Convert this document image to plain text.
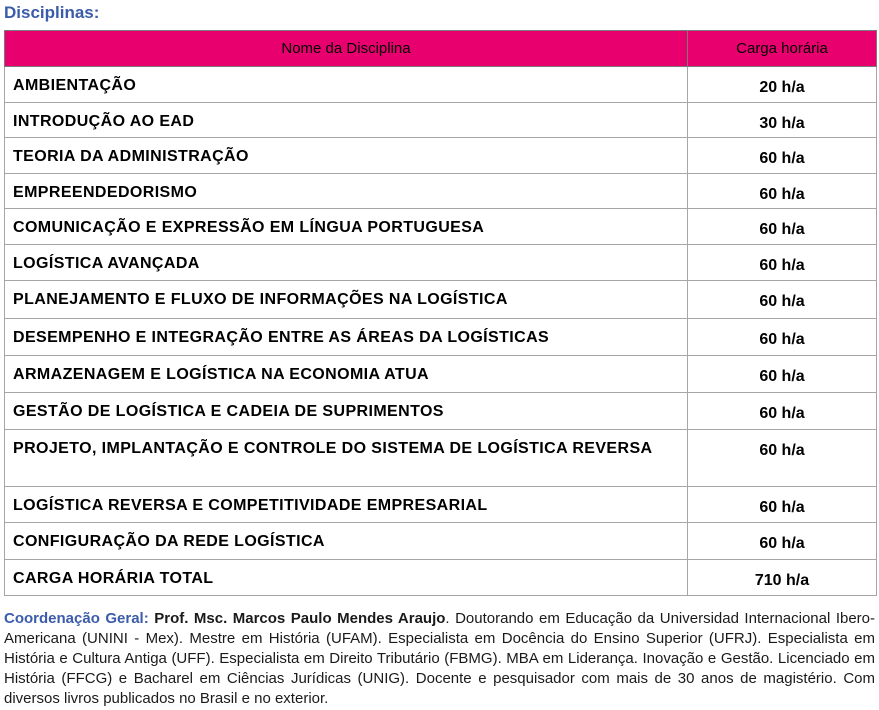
Disciplinas:
Nome da Disciplina	Carga horária
AMBIENTAÇÃO	20 h/a
INTRODUÇÃO AO EAD	30 h/a
TEORIA DA ADMINISTRAÇÃO	60 h/a
EMPREENDEDORISMO	60 h/a
COMUNICAÇÃO E EXPRESSÃO EM LÍNGUA PORTUGUESA	60 h/a
LOGÍSTICA AVANÇADA	60 h/a
PLANEJAMENTO E FLUXO DE INFORMAÇÕES NA LOGÍSTICA	60 h/a
DESEMPENHO E INTEGRAÇÃO ENTRE AS ÁREAS DA LOGÍSTICAS	60 h/a
ARMAZENAGEM E LOGÍSTICA NA ECONOMIA ATUA	60 h/a
GESTÃO DE LOGÍSTICA E CADEIA DE SUPRIMENTOS	60 h/a
PROJETO, IMPLANTAÇÃO E CONTROLE DO SISTEMA DE LOGÍSTICA REVERSA	60 h/a
LOGÍSTICA REVERSA E COMPETITIVIDADE EMPRESARIAL	60 h/a
CONFIGURAÇÃO DA REDE LOGÍSTICA	60 h/a
CARGA HORÁRIA TOTAL	710 h/a
Coordenação Geral: Prof. Msc. Marcos Paulo Mendes Araujo. Doutorando em Educação da Universidad Internacional Ibero-Americana (UNINI - Mex). Mestre em História (UFAM). Especialista em Docência do Ensino Superior (UFRJ). Especialista em História e Cultura Antiga (UFF). Especialista em Direito Tributário (FBMG). MBA em Liderança. Inovação e Gestão. Licenciado em História (FFCG) e Bacharel em Ciências Jurídicas (UNIG). Docente e pesquisador com mais de 30 anos de magistério. Com diversos livros publicados no Brasil e no exterior.
